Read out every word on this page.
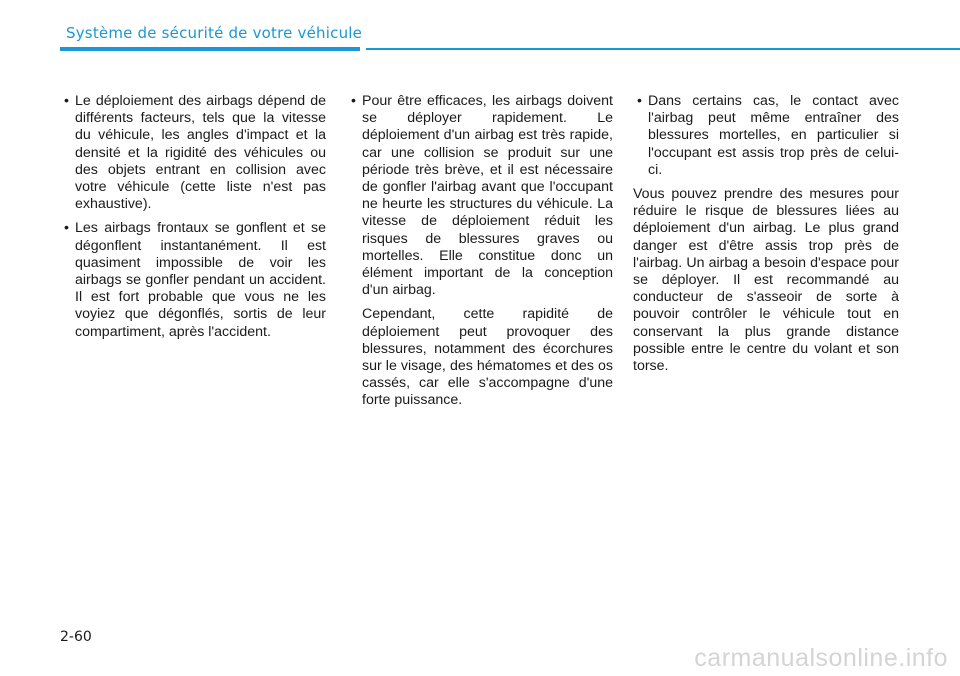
Système de sécurité de votre véhicule

• Le déploiement des airbags dépend de différents facteurs, tels que la vitesse du véhicule, les angles d'impact et la densité et la rigidité des véhicules ou des objets entrant en collision avec votre véhicule (cette liste n'est pas exhaustive).

• Les airbags frontaux se gonflent et se dégonflent instantanément. Il est quasiment impossible de voir les airbags se gonfler pendant un accident. Il est fort probable que vous ne les voyiez que dégonflés, sortis de leur compartiment, après l'accident.

• Pour être efficaces, les airbags doivent se déployer rapidement. Le déploiement d'un airbag est très rapide, car une collision se produit sur une période très brève, et il est nécessaire de gonfler l'airbag avant que l'occupant ne heurte les structures du véhicule. La vitesse de déploiement réduit les risques de blessures graves ou mortelles. Elle constitue donc un élément important de la conception d'un airbag.

Cependant, cette rapidité de déploiement peut provoquer des blessures, notamment des écorchures sur le visage, des hématomes et des os cassés, car elle s'accompagne d'une forte puissance.

• Dans certains cas, le contact avec l'airbag peut même entraîner des blessures mortelles, en particulier si l'occupant est assis trop près de celui-ci.

Vous pouvez prendre des mesures pour réduire le risque de blessures liées au déploiement d'un airbag. Le plus grand danger est d'être assis trop près de l'airbag. Un airbag a besoin d'espace pour se déployer. Il est recommandé au conducteur de s'asseoir de sorte à pouvoir contrôler le véhicule tout en conservant la plus grande distance possible entre le centre du volant et son torse.

2-60
carmanualsonline.info
